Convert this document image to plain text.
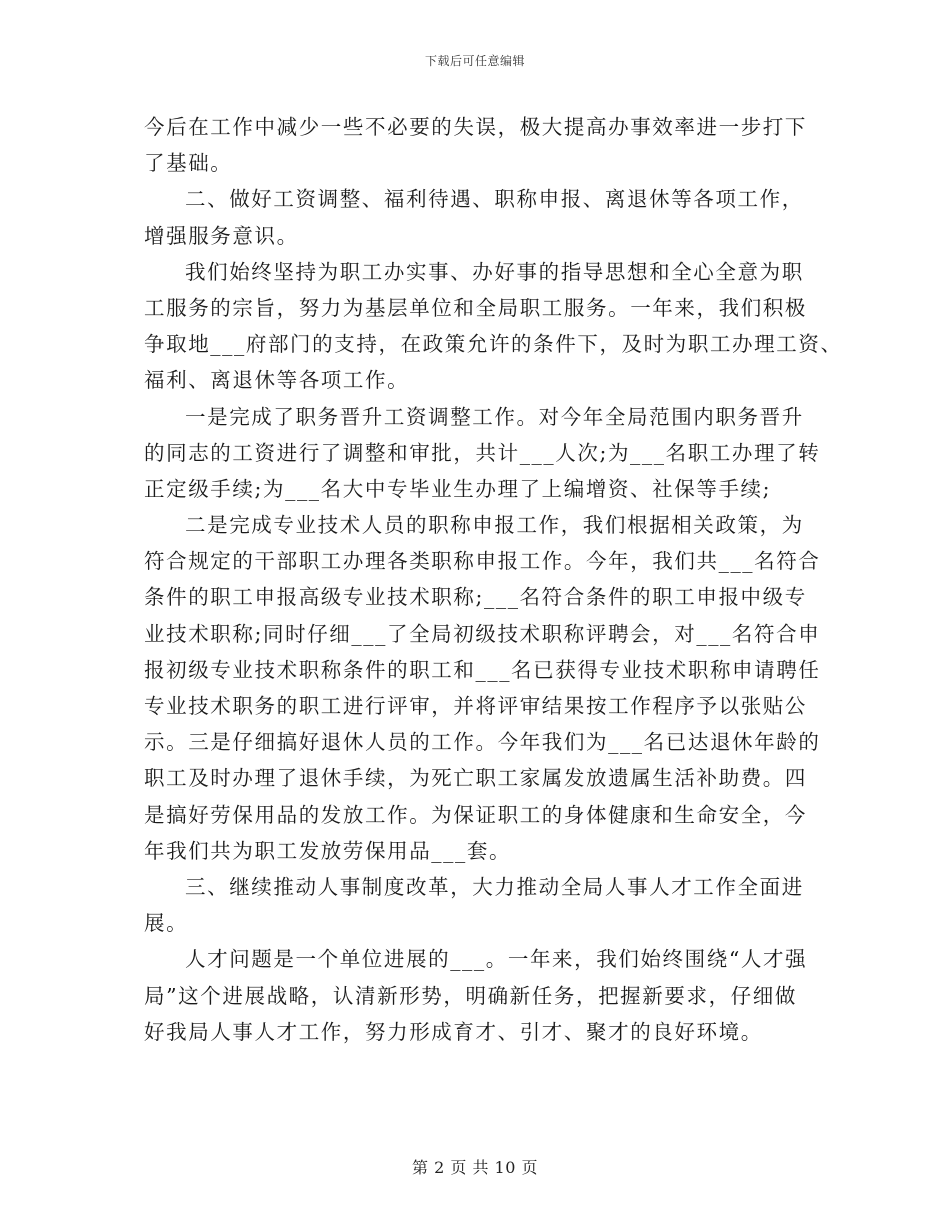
下载后可任意编辑
今后在工作中减少一些不必要的失误，极大提高办事效率进一步打下
了基础。
二、做好工资调整、福利待遇、职称申报、离退休等各项工作，
增强服务意识。
我们始终坚持为职工办实事、办好事的指导思想和全心全意为职
工服务的宗旨，努力为基层单位和全局职工服务。一年来，我们积极
争取地___府部门的支持，在政策允许的条件下，及时为职工办理工资、
福利、离退休等各项工作。
一是完成了职务晋升工资调整工作。对今年全局范围内职务晋升
的同志的工资进行了调整和审批，共计___人次;为___名职工办理了转
正定级手续;为___名大中专毕业生办理了上编增资、社保等手续;
二是完成专业技术人员的职称申报工作，我们根据相关政策，为
符合规定的干部职工办理各类职称申报工作。今年，我们共___名符合
条件的职工申报高级专业技术职称;___名符合条件的职工申报中级专
业技术职称;同时仔细___了全局初级技术职称评聘会，对___名符合申
报初级专业技术职称条件的职工和___名已获得专业技术职称申请聘任
专业技术职务的职工进行评审，并将评审结果按工作程序予以张贴公
示。三是仔细搞好退休人员的工作。今年我们为___名已达退休年龄的
职工及时办理了退休手续，为死亡职工家属发放遗属生活补助费。四
是搞好劳保用品的发放工作。为保证职工的身体健康和生命安全，今
年我们共为职工发放劳保用品___套。
三、继续推动人事制度改革，大力推动全局人事人才工作全面进
展。
人才问题是一个单位进展的___。一年来，我们始终围绕“人才强
局”这个进展战略，认清新形势，明确新任务，把握新要求，仔细做
好我局人事人才工作，努力形成育才、引才、聚才的良好环境。
第 2 页 共 10 页
